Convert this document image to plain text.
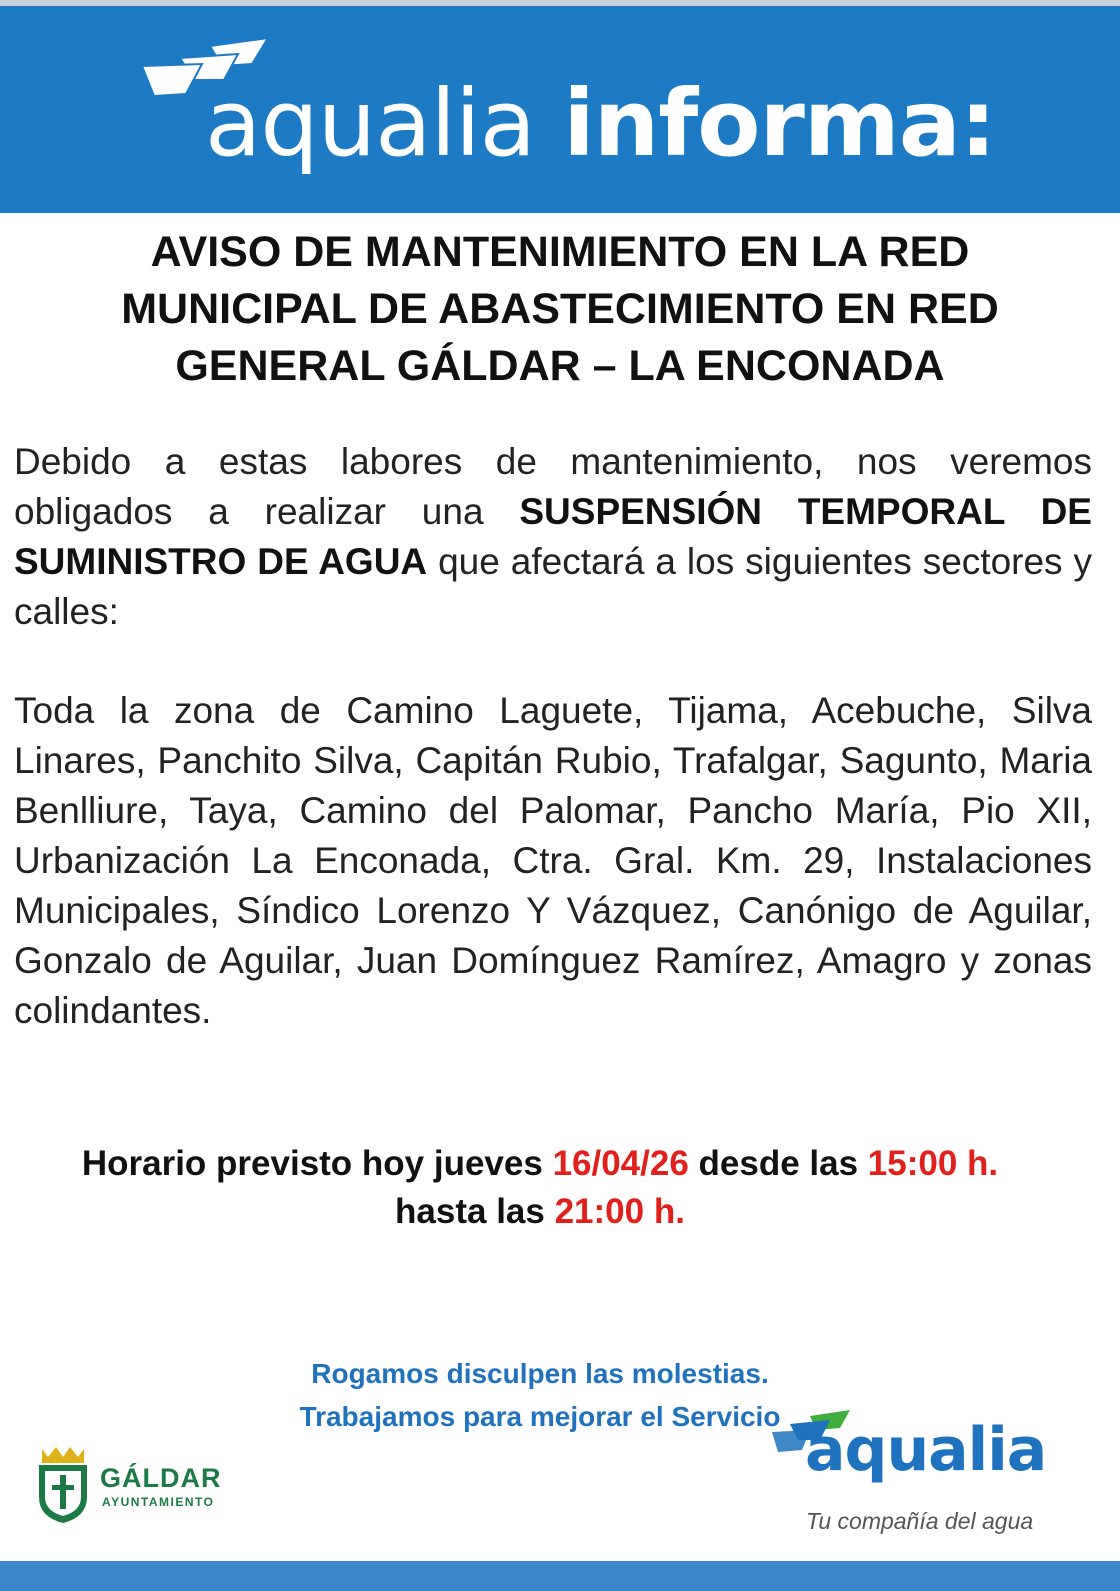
aqualia informa:
AVISO DE MANTENIMIENTO EN LA RED
MUNICIPAL DE ABASTECIMIENTO EN RED
GENERAL GÁLDAR – LA ENCONADA

Debido a estas labores de mantenimiento, nos veremos obligados a realizar una SUSPENSIÓN TEMPORAL DE SUMINISTRO DE AGUA que afectará a los siguientes sectores y calles:

Toda la zona de Camino Laguete, Tijama, Acebuche, Silva Linares, Panchito Silva, Capitán Rubio, Trafalgar, Sagunto, Maria Benlliure, Taya, Camino del Palomar, Pancho María, Pio XII, Urbanización La Enconada, Ctra. Gral. Km. 29, Instalaciones Municipales, Síndico Lorenzo Y Vázquez, Canónigo de Aguilar, Gonzalo de Aguilar, Juan Domínguez Ramírez, Amagro y zonas colindantes.

Horario previsto hoy jueves 16/04/26 desde las 15:00 h.
hasta las 21:00 h.
Rogamos disculpen las molestias.
Trabajamos para mejorar el Servicio
GÁLDAR
AYUNTAMIENTO
aqualia
Tu compañía del agua
